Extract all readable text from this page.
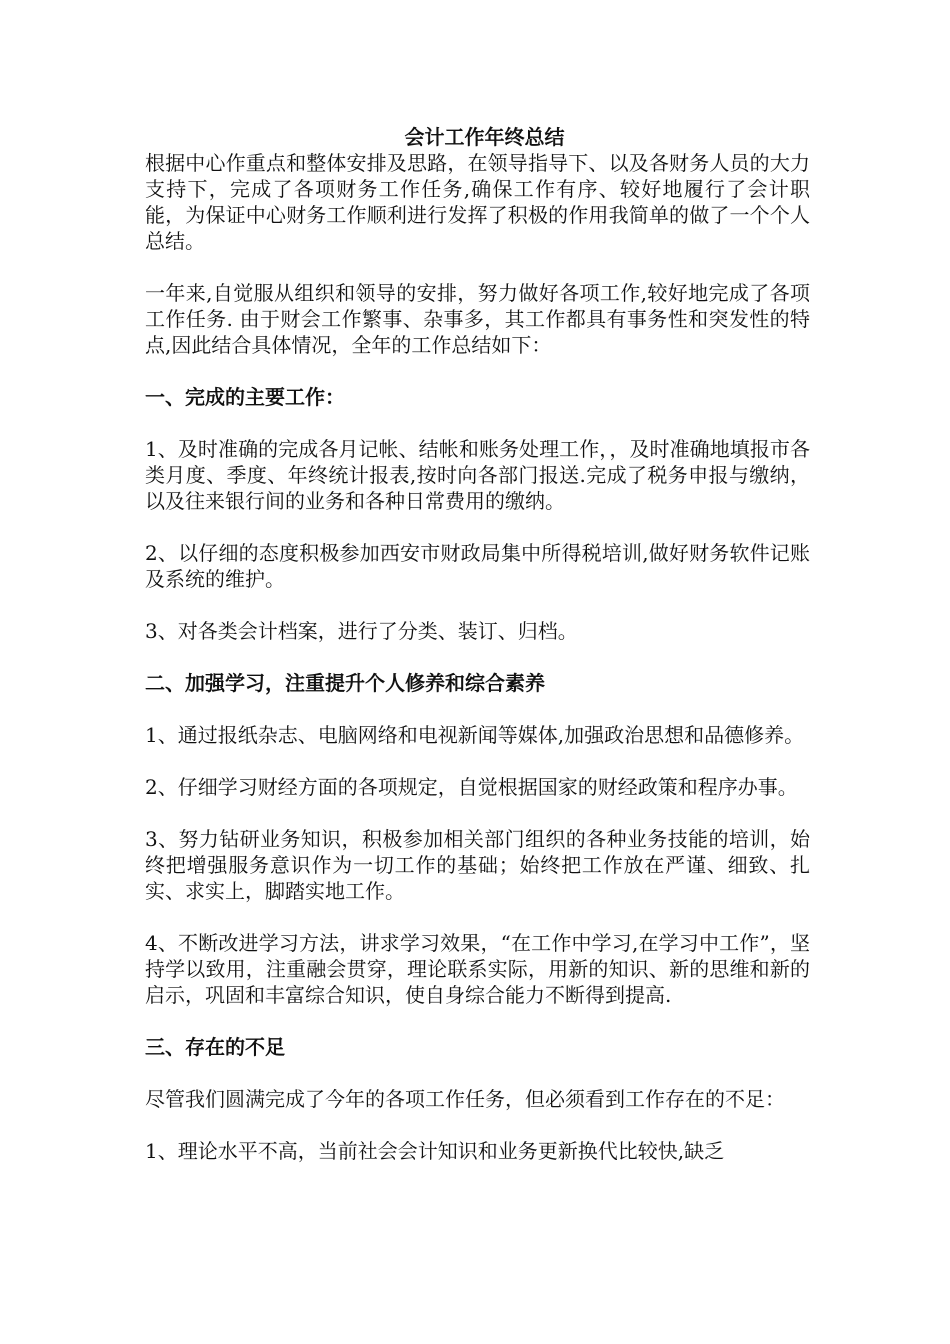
会计工作年终总结

根据中心作重点和整体安排及思路，在领导指导下、以及各财务人员的大力支持下，完成了各项财务工作任务,确保工作有序、较好地履行了会计职能，为保证中心财务工作顺利进行发挥了积极的作用我简单的做了一个个人总结。

一年来,自觉服从组织和领导的安排，努力做好各项工作,较好地完成了各项工作任务. 由于财会工作繁事、杂事多，其工作都具有事务性和突发性的特点,因此结合具体情况，全年的工作总结如下：

一、完成的主要工作：

1、及时准确的完成各月记帐、结帐和账务处理工作，，及时准确地填报市各类月度、季度、年终统计报表,按时向各部门报送.完成了税务申报与缴纳，以及往来银行间的业务和各种日常费用的缴纳。

2、以仔细的态度积极参加西安市财政局集中所得税培训,做好财务软件记账及系统的维护。

3、对各类会计档案，进行了分类、装订、归档。

二、加强学习，注重提升个人修养和综合素养

1、通过报纸杂志、电脑网络和电视新闻等媒体,加强政治思想和品德修养。

2、仔细学习财经方面的各项规定，自觉根据国家的财经政策和程序办事。

3、努力钻研业务知识，积极参加相关部门组织的各种业务技能的培训，始终把增强服务意识作为一切工作的基础；始终把工作放在严谨、细致、扎实、求实上，脚踏实地工作。

4、不断改进学习方法，讲求学习效果，“在工作中学习,在学习中工作”，坚持学以致用，注重融会贯穿，理论联系实际，用新的知识、新的思维和新的启示，巩固和丰富综合知识，使自身综合能力不断得到提高.

三、存在的不足

尽管我们圆满完成了今年的各项工作任务，但必须看到工作存在的不足：

1、理论水平不高，当前社会会计知识和业务更新换代比较快,缺乏
